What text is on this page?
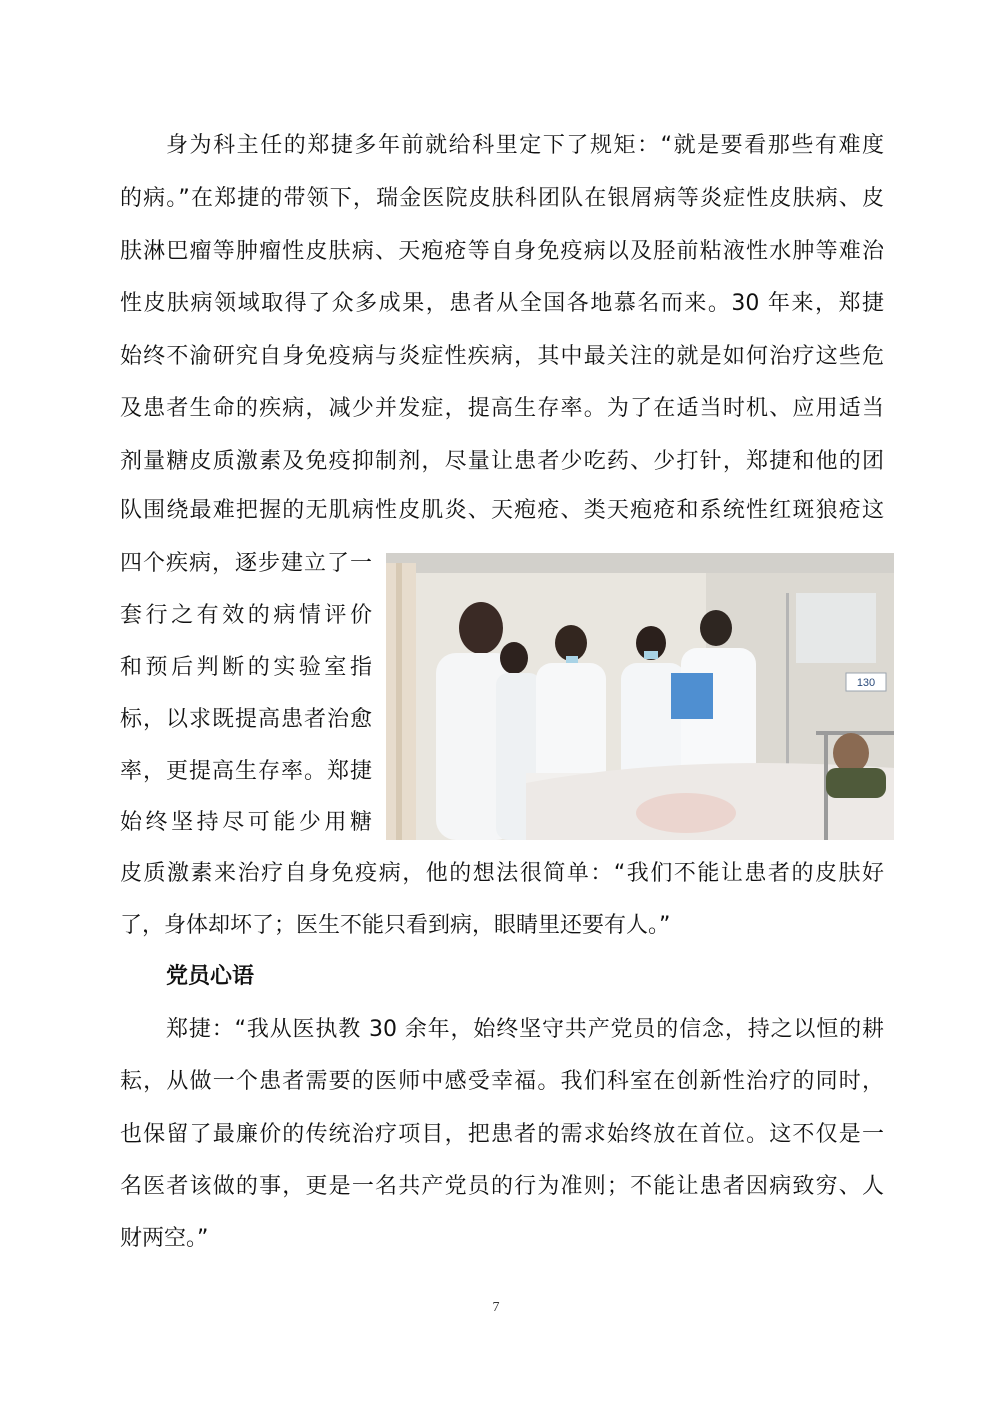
身为科主任的郑捷多年前就给科里定下了规矩：“就是要看那些有难度
的病。”在郑捷的带领下，瑞金医院皮肤科团队在银屑病等炎症性皮肤病、皮
肤淋巴瘤等肿瘤性皮肤病、天疱疮等自身免疫病以及胫前粘液性水肿等难治
性皮肤病领域取得了众多成果，患者从全国各地慕名而来。30 年来，郑捷
始终不渝研究自身免疫病与炎症性疾病，其中最关注的就是如何治疗这些危
及患者生命的疾病，减少并发症，提高生存率。为了在适当时机、应用适当
剂量糖皮质激素及免疫抑制剂，尽量让患者少吃药、少打针，郑捷和他的团
队围绕最难把握的无肌病性皮肌炎、天疱疮、类天疱疮和系统性红斑狼疮这
四个疾病，逐步建立了一
套行之有效的病情评价
和预后判断的实验室指
标，以求既提高患者治愈
率，更提高生存率。郑捷
始终坚持尽可能少用糖
130
皮质激素来治疗自身免疫病，他的想法很简单：“我们不能让患者的皮肤好
了，身体却坏了；医生不能只看到病，眼睛里还要有人。”
党员心语
郑捷：“我从医执教 30 余年，始终坚守共产党员的信念，持之以恒的耕
耘，从做一个患者需要的医师中感受幸福。我们科室在创新性治疗的同时，
也保留了最廉价的传统治疗项目，把患者的需求始终放在首位。这不仅是一
名医者该做的事，更是一名共产党员的行为准则；不能让患者因病致穷、人
财两空。”
7
